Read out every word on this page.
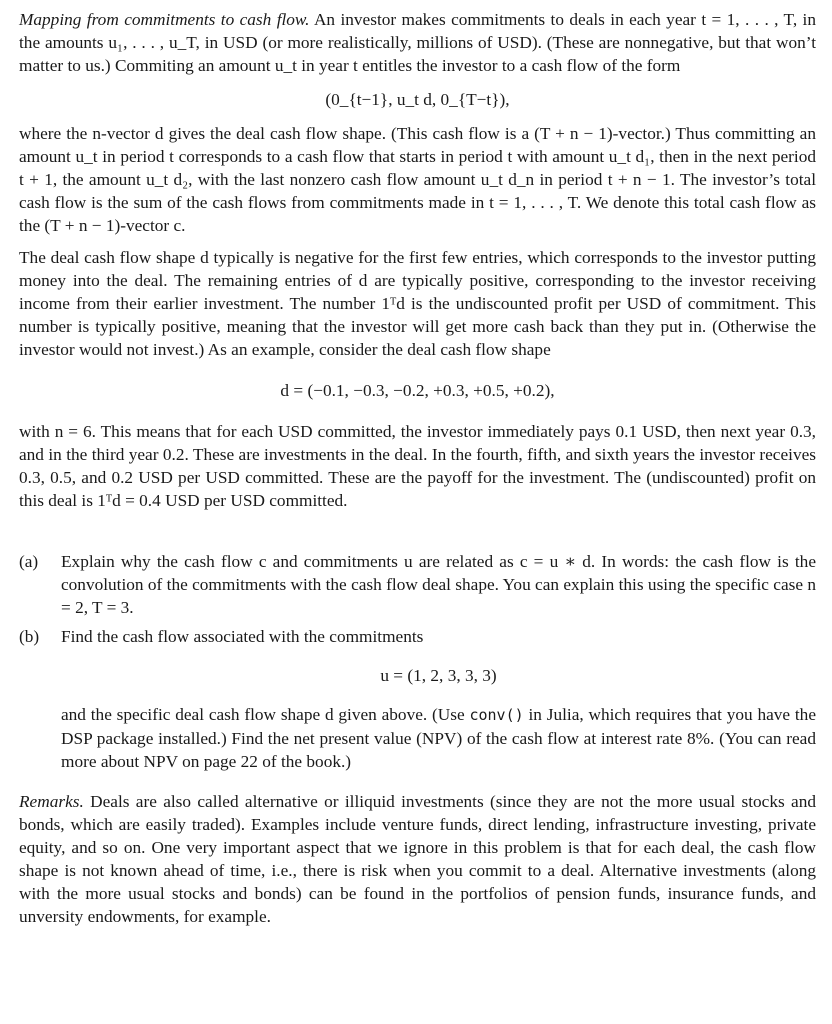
Mapping from commitments to cash flow. An investor makes commitments to deals in each year t = 1, . . . , T, in the amounts u₁, . . . , u_T, in USD (or more realistically, millions of USD). (These are nonnegative, but that won’t matter to us.) Commiting an amount u_t in year t entitles the investor to a cash flow of the form

(0_{t−1}, u_t d, 0_{T−t}),

where the n-vector d gives the deal cash flow shape. (This cash flow is a (T + n − 1)-vector.) Thus committing an amount u_t in period t corresponds to a cash flow that starts in period t with amount u_t d₁, then in the next period t + 1, the amount u_t d₂, with the last nonzero cash flow amount u_t d_n in period t + n − 1. The investor’s total cash flow is the sum of the cash flows from commitments made in t = 1, . . . , T. We denote this total cash flow as the (T + n − 1)-vector c.

The deal cash flow shape d typically is negative for the first few entries, which corresponds to the investor putting money into the deal. The remaining entries of d are typically positive, corresponding to the investor receiving income from their earlier investment. The number 1ᵀd is the undiscounted profit per USD of commitment. This number is typically positive, meaning that the investor will get more cash back than they put in. (Otherwise the investor would not invest.) As an example, consider the deal cash flow shape

d = (−0.1, −0.3, −0.2, +0.3, +0.5, +0.2),

with n = 6. This means that for each USD committed, the investor immediately pays 0.1 USD, then next year 0.3, and in the third year 0.2. These are investments in the deal. In the fourth, fifth, and sixth years the investor receives 0.3, 0.5, and 0.2 USD per USD committed. These are the payoff for the investment. The (undiscounted) profit on this deal is 1ᵀd = 0.4 USD per USD committed.

(a)	Explain why the cash flow c and commitments u are related as c = u ∗ d. In words: the cash flow is the convolution of the commitments with the cash flow deal shape. You can explain this using the specific case n = 2, T = 3.

(b)	Find the cash flow associated with the commitments

u = (1, 2, 3, 3, 3)

and the specific deal cash flow shape d given above. (Use conv() in Julia, which requires that you have the DSP package installed.) Find the net present value (NPV) of the cash flow at interest rate 8%. (You can read more about NPV on page 22 of the book.)

Remarks. Deals are also called alternative or illiquid investments (since they are not the more usual stocks and bonds, which are easily traded). Examples include venture funds, direct lending, infrastructure investing, private equity, and so on. One very important aspect that we ignore in this problem is that for each deal, the cash flow shape is not known ahead of time, i.e., there is risk when you commit to a deal. Alternative investments (along with the more usual stocks and bonds) can be found in the portfolios of pension funds, insurance funds, and unversity endowments, for example.
